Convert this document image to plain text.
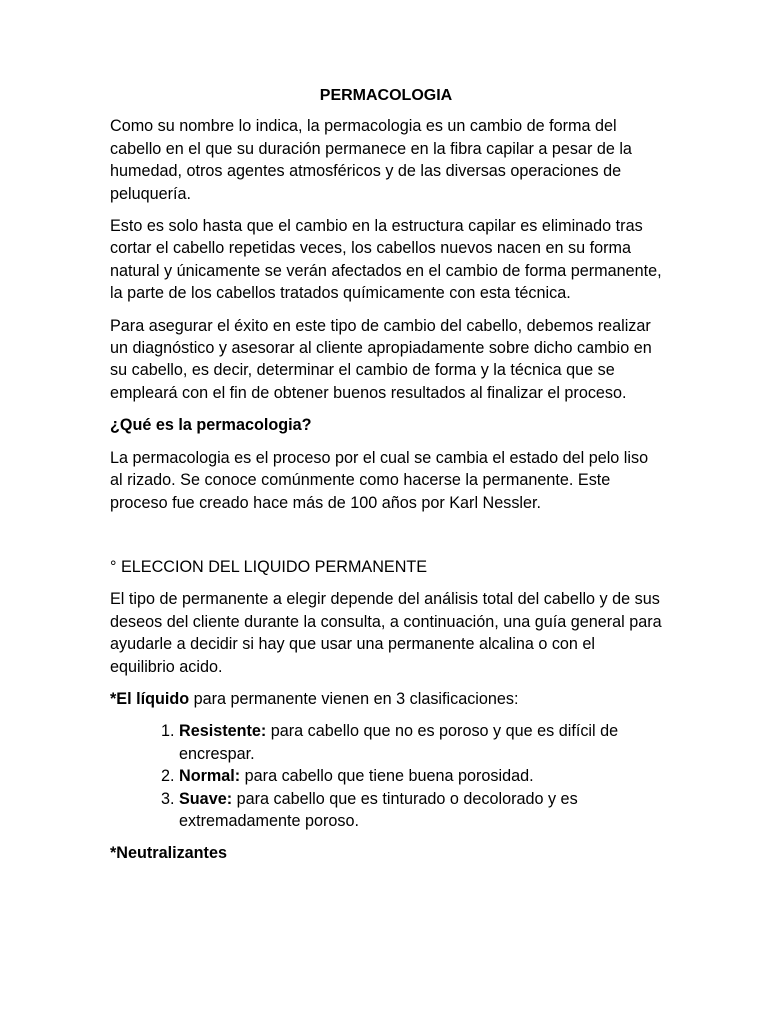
PERMACOLOGIA

Como su nombre lo indica, la permacologia es un cambio de forma del cabello en el que su duración permanece en la fibra capilar a pesar de la humedad, otros agentes atmosféricos y de las diversas operaciones de peluquería.

Esto es solo hasta que el cambio en la estructura capilar es eliminado tras cortar el cabello repetidas veces, los cabellos nuevos nacen en su forma natural y únicamente se verán afectados en el cambio de forma permanente, la parte de los cabellos tratados químicamente con esta técnica.

Para asegurar el éxito en este tipo de cambio del cabello, debemos realizar un diagnóstico y asesorar al cliente apropiadamente sobre dicho cambio en su cabello, es decir, determinar el cambio de forma y la técnica que se empleará con el fin de obtener buenos resultados al finalizar el proceso.

¿Qué es la permacologia?

La permacologia es el proceso por el cual se cambia el estado del pelo liso al rizado. Se conoce comúnmente como hacerse la permanente. Este proceso fue creado hace más de 100 años por Karl Nessler.

° ELECCION DEL LIQUIDO PERMANENTE

El tipo de permanente a elegir depende del análisis total del cabello y de sus deseos del cliente durante la consulta, a continuación, una guía general para ayudarle a decidir si hay que usar una permanente alcalina o con el equilibrio acido.

*El líquido para permanente vienen en 3 clasificaciones:

1. Resistente: para cabello que no es poroso y que es difícil de encrespar.
2. Normal: para cabello que tiene buena porosidad.
3. Suave: para cabello que es tinturado o decolorado y es extremadamente poroso.
*Neutralizantes
